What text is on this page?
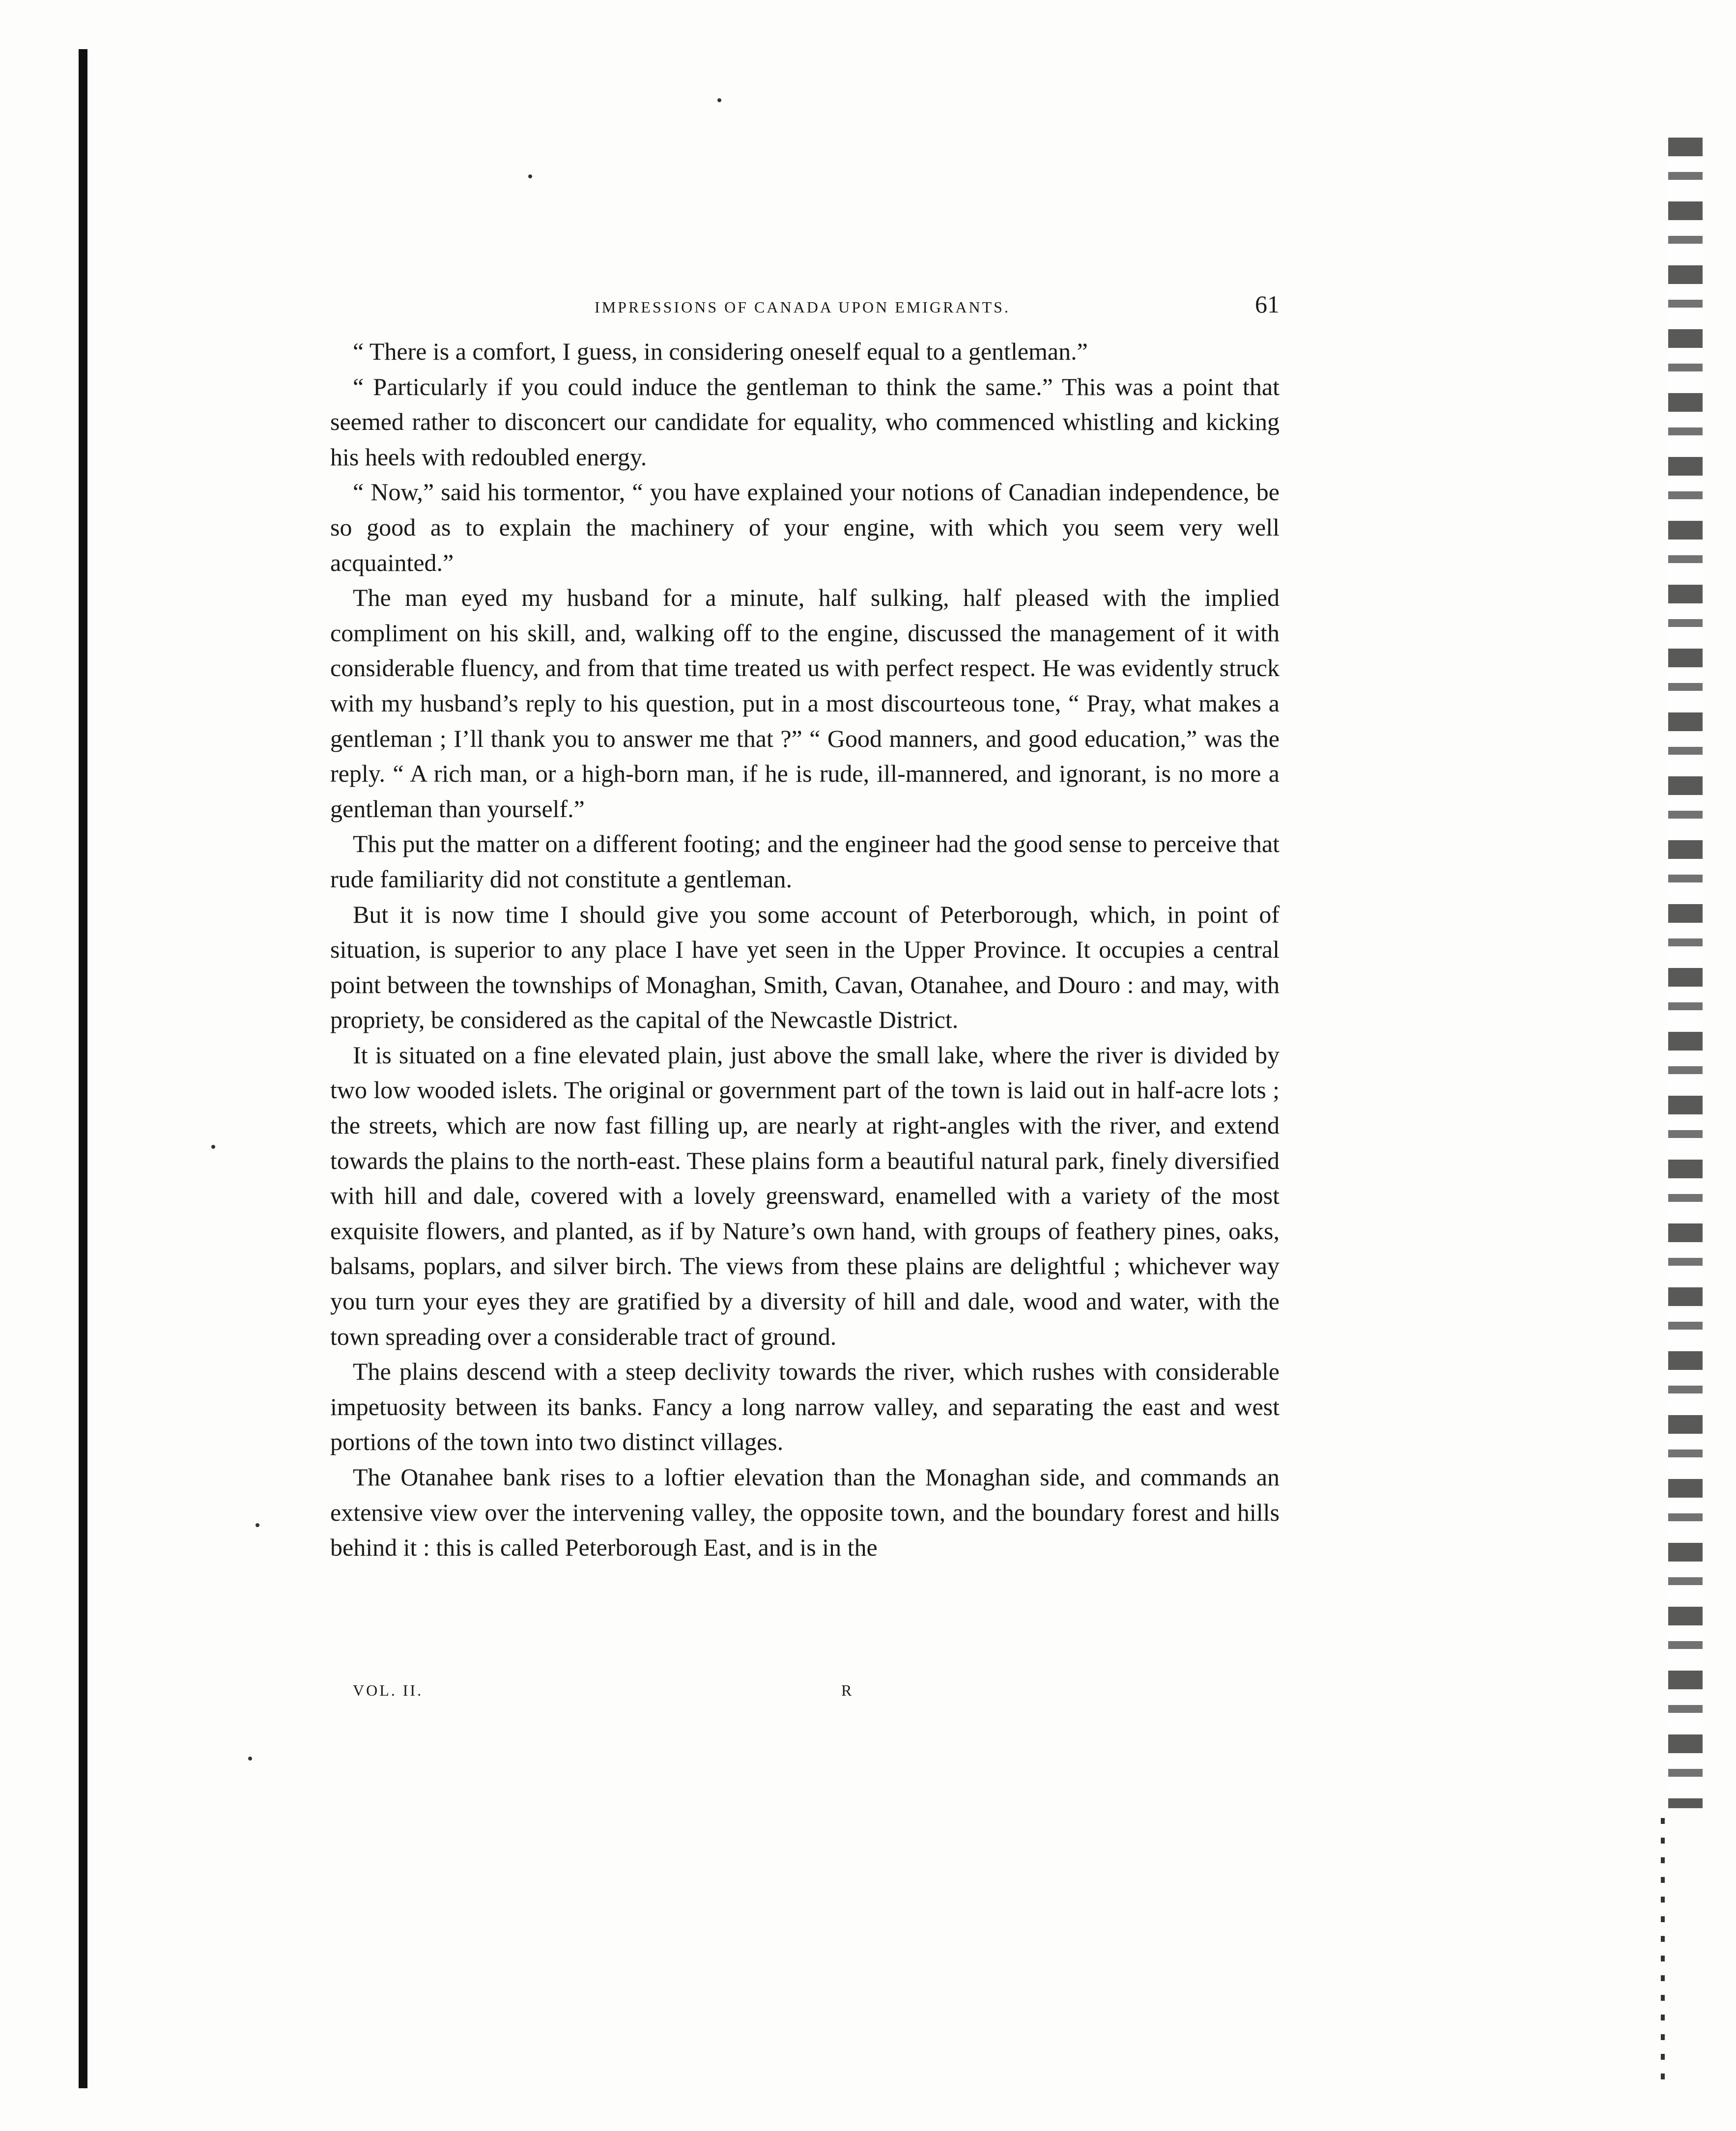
IMPRESSIONS OF CANADA UPON EMIGRANTS.	61

“ There is a comfort, I guess, in considering oneself equal to a gentleman.”

“ Particularly if you could induce the gentleman to think the same.” This was a point that seemed rather to disconcert our candidate for equality, who commenced whistling and kicking his heels with redoubled energy.

“ Now,” said his tormentor, “ you have explained your notions of Canadian independence, be so good as to explain the machinery of your engine, with which you seem very well acquainted.”

The man eyed my husband for a minute, half sulking, half pleased with the implied compliment on his skill, and, walking off to the engine, discussed the management of it with considerable fluency, and from that time treated us with perfect respect. He was evidently struck with my husband’s reply to his question, put in a most discourteous tone, “ Pray, what makes a gentleman ; I’ll thank you to answer me that ?” “ Good manners, and good education,” was the reply. “ A rich man, or a high-born man, if he is rude, ill-mannered, and ignorant, is no more a gentleman than yourself.”

This put the matter on a different footing; and the engineer had the good sense to perceive that rude familiarity did not constitute a gentleman.

But it is now time I should give you some account of Peterborough, which, in point of situation, is superior to any place I have yet seen in the Upper Province. It occupies a central point between the townships of Monaghan, Smith, Cavan, Otanahee, and Douro : and may, with propriety, be considered as the capital of the Newcastle District.

It is situated on a fine elevated plain, just above the small lake, where the river is divided by two low wooded islets. The original or government part of the town is laid out in half-acre lots ; the streets, which are now fast filling up, are nearly at right-angles with the river, and extend towards the plains to the north-east. These plains form a beautiful natural park, finely diversified with hill and dale, covered with a lovely greensward, enamelled with a variety of the most exquisite flowers, and planted, as if by Nature’s own hand, with groups of feathery pines, oaks, balsams, poplars, and silver birch. The views from these plains are delightful ; whichever way you turn your eyes they are gratified by a diversity of hill and dale, wood and water, with the town spreading over a considerable tract of ground.

The plains descend with a steep declivity towards the river, which rushes with considerable impetuosity between its banks. Fancy a long narrow valley, and separating the east and west portions of the town into two distinct villages.

The Otanahee bank rises to a loftier elevation than the Monaghan side, and commands an extensive view over the intervening valley, the opposite town, and the boundary forest and hills behind it : this is called Peterborough East, and is in the

VOL. II.	R
